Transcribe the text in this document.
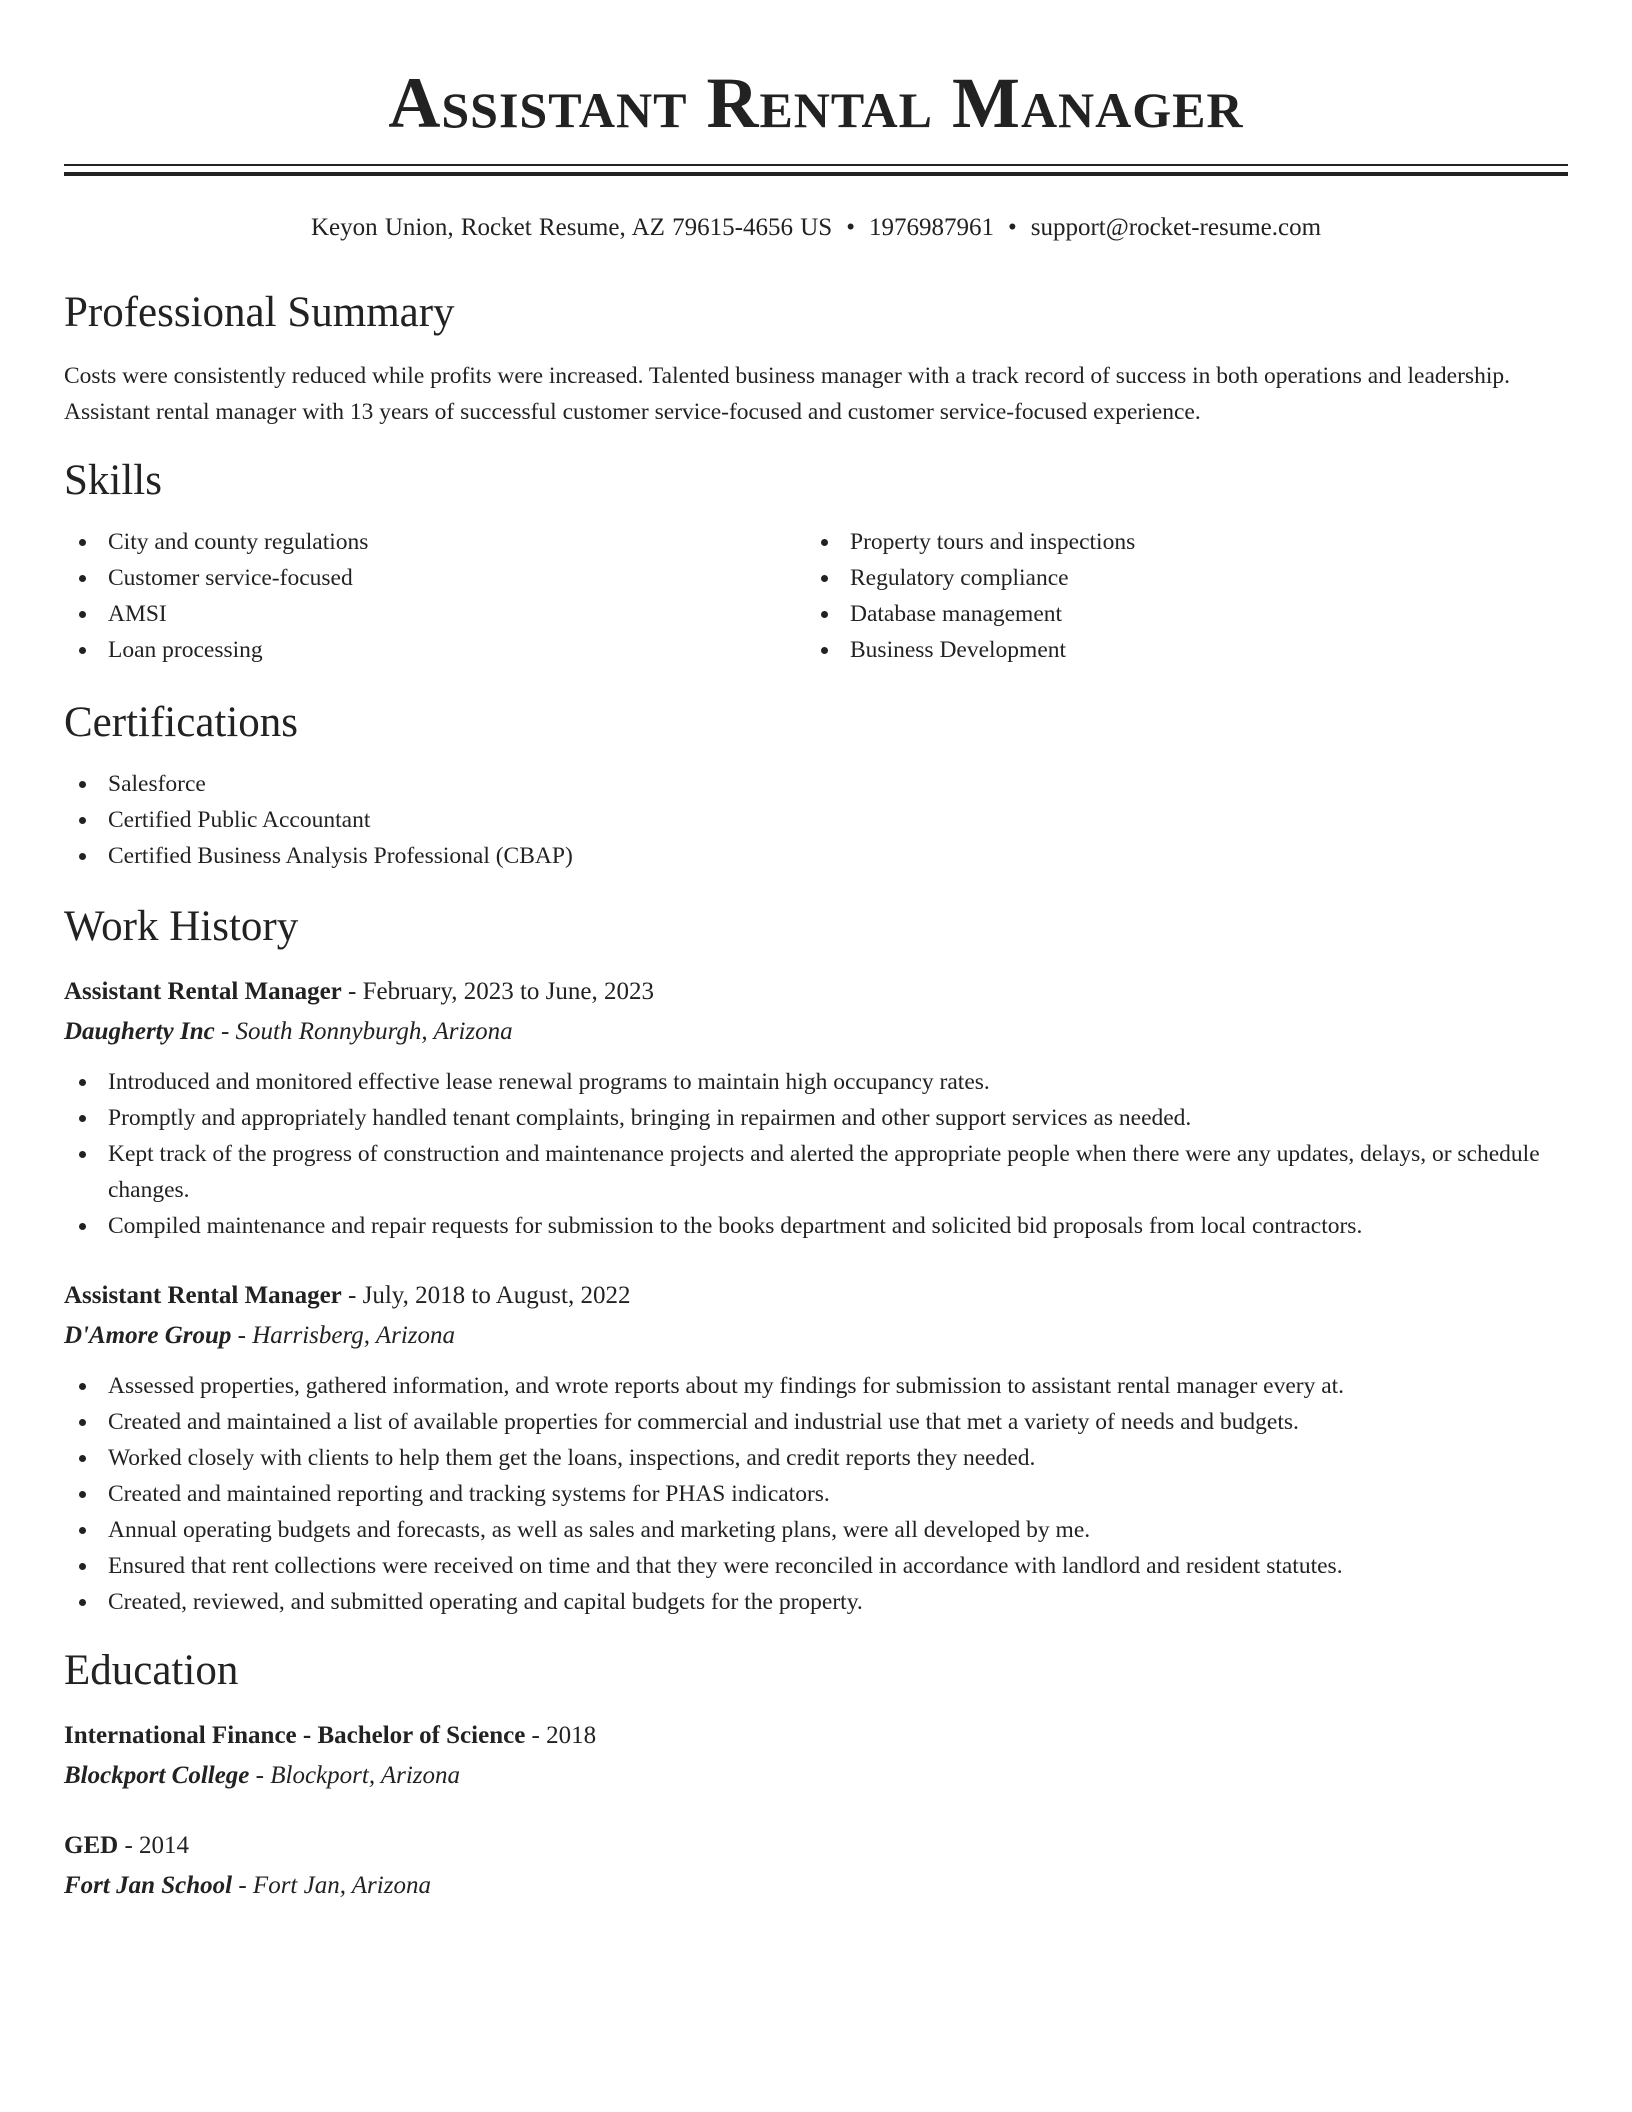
Assistant Rental Manager
Keyon Union, Rocket Resume, AZ 79615-4656 US • 1976987961 • support@rocket-resume.com
Professional Summary
Costs were consistently reduced while profits were increased. Talented business manager with a track record of success in both operations and leadership. Assistant rental manager with 13 years of successful customer service-focused and customer service-focused experience.
Skills
City and county regulations
Customer service-focused
AMSI
Loan processing
Property tours and inspections
Regulatory compliance
Database management
Business Development
Certifications
Salesforce
Certified Public Accountant
Certified Business Analysis Professional (CBAP)
Work History
Assistant Rental Manager - February, 2023 to June, 2023
Daugherty Inc - South Ronnyburgh, Arizona
Introduced and monitored effective lease renewal programs to maintain high occupancy rates.
Promptly and appropriately handled tenant complaints, bringing in repairmen and other support services as needed.
Kept track of the progress of construction and maintenance projects and alerted the appropriate people when there were any updates, delays, or schedule changes.
Compiled maintenance and repair requests for submission to the books department and solicited bid proposals from local contractors.
Assistant Rental Manager - July, 2018 to August, 2022
D'Amore Group - Harrisberg, Arizona
Assessed properties, gathered information, and wrote reports about my findings for submission to assistant rental manager every at.
Created and maintained a list of available properties for commercial and industrial use that met a variety of needs and budgets.
Worked closely with clients to help them get the loans, inspections, and credit reports they needed.
Created and maintained reporting and tracking systems for PHAS indicators.
Annual operating budgets and forecasts, as well as sales and marketing plans, were all developed by me.
Ensured that rent collections were received on time and that they were reconciled in accordance with landlord and resident statutes.
Created, reviewed, and submitted operating and capital budgets for the property.
Education
International Finance - Bachelor of Science - 2018
Blockport College - Blockport, Arizona
GED - 2014
Fort Jan School - Fort Jan, Arizona
